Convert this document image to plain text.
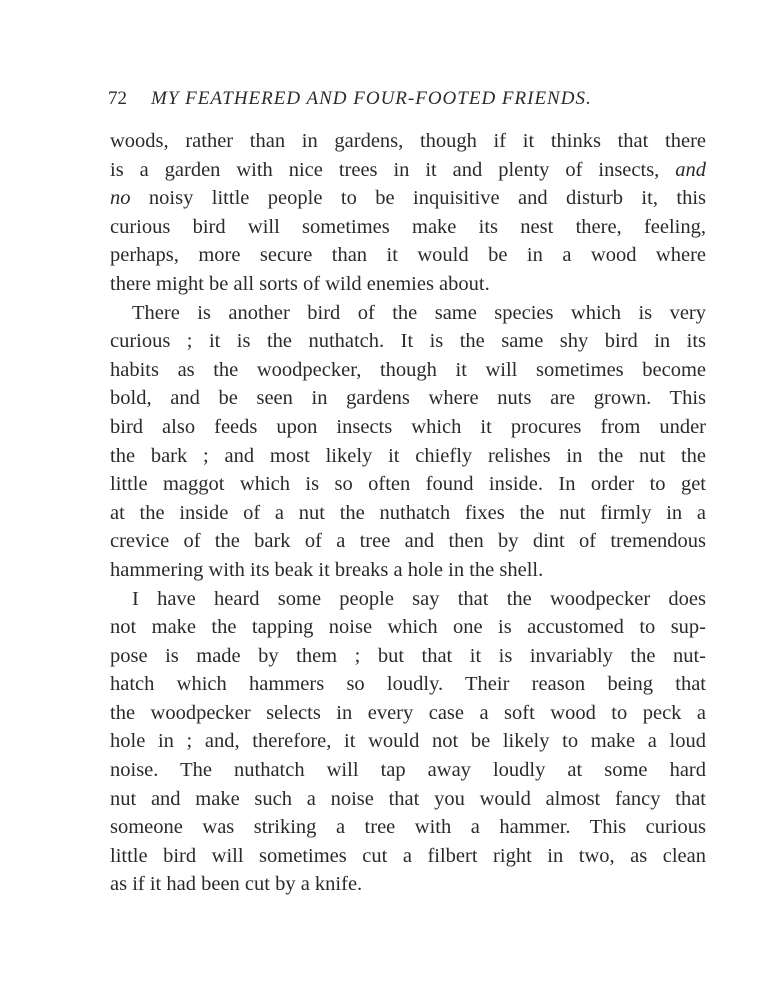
72 MY FEATHERED AND FOUR-FOOTED FRIENDS.
woods, rather than in gardens, though if it thinks that there
is a garden with nice trees in it and plenty of insects, and
no noisy little people to be inquisitive and disturb it, this
curious bird will sometimes make its nest there, feeling,
perhaps, more secure than it would be in a wood where
there might be all sorts of wild enemies about.
There is another bird of the same species which is very
curious ; it is the nuthatch. It is the same shy bird in its
habits as the woodpecker, though it will sometimes become
bold, and be seen in gardens where nuts are grown. This
bird also feeds upon insects which it procures from under
the bark ; and most likely it chiefly relishes in the nut the
little maggot which is so often found inside. In order to get
at the inside of a nut the nuthatch fixes the nut firmly in a
crevice of the bark of a tree and then by dint of tremendous
hammering with its beak it breaks a hole in the shell.
I have heard some people say that the woodpecker does
not make the tapping noise which one is accustomed to sup-
pose is made by them ; but that it is invariably the nut-
hatch which hammers so loudly. Their reason being that
the woodpecker selects in every case a soft wood to peck a
hole in ; and, therefore, it would not be likely to make a loud
noise. The nuthatch will tap away loudly at some hard
nut and make such a noise that you would almost fancy that
someone was striking a tree with a hammer. This curious
little bird will sometimes cut a filbert right in two, as clean
as if it had been cut by a knife.
